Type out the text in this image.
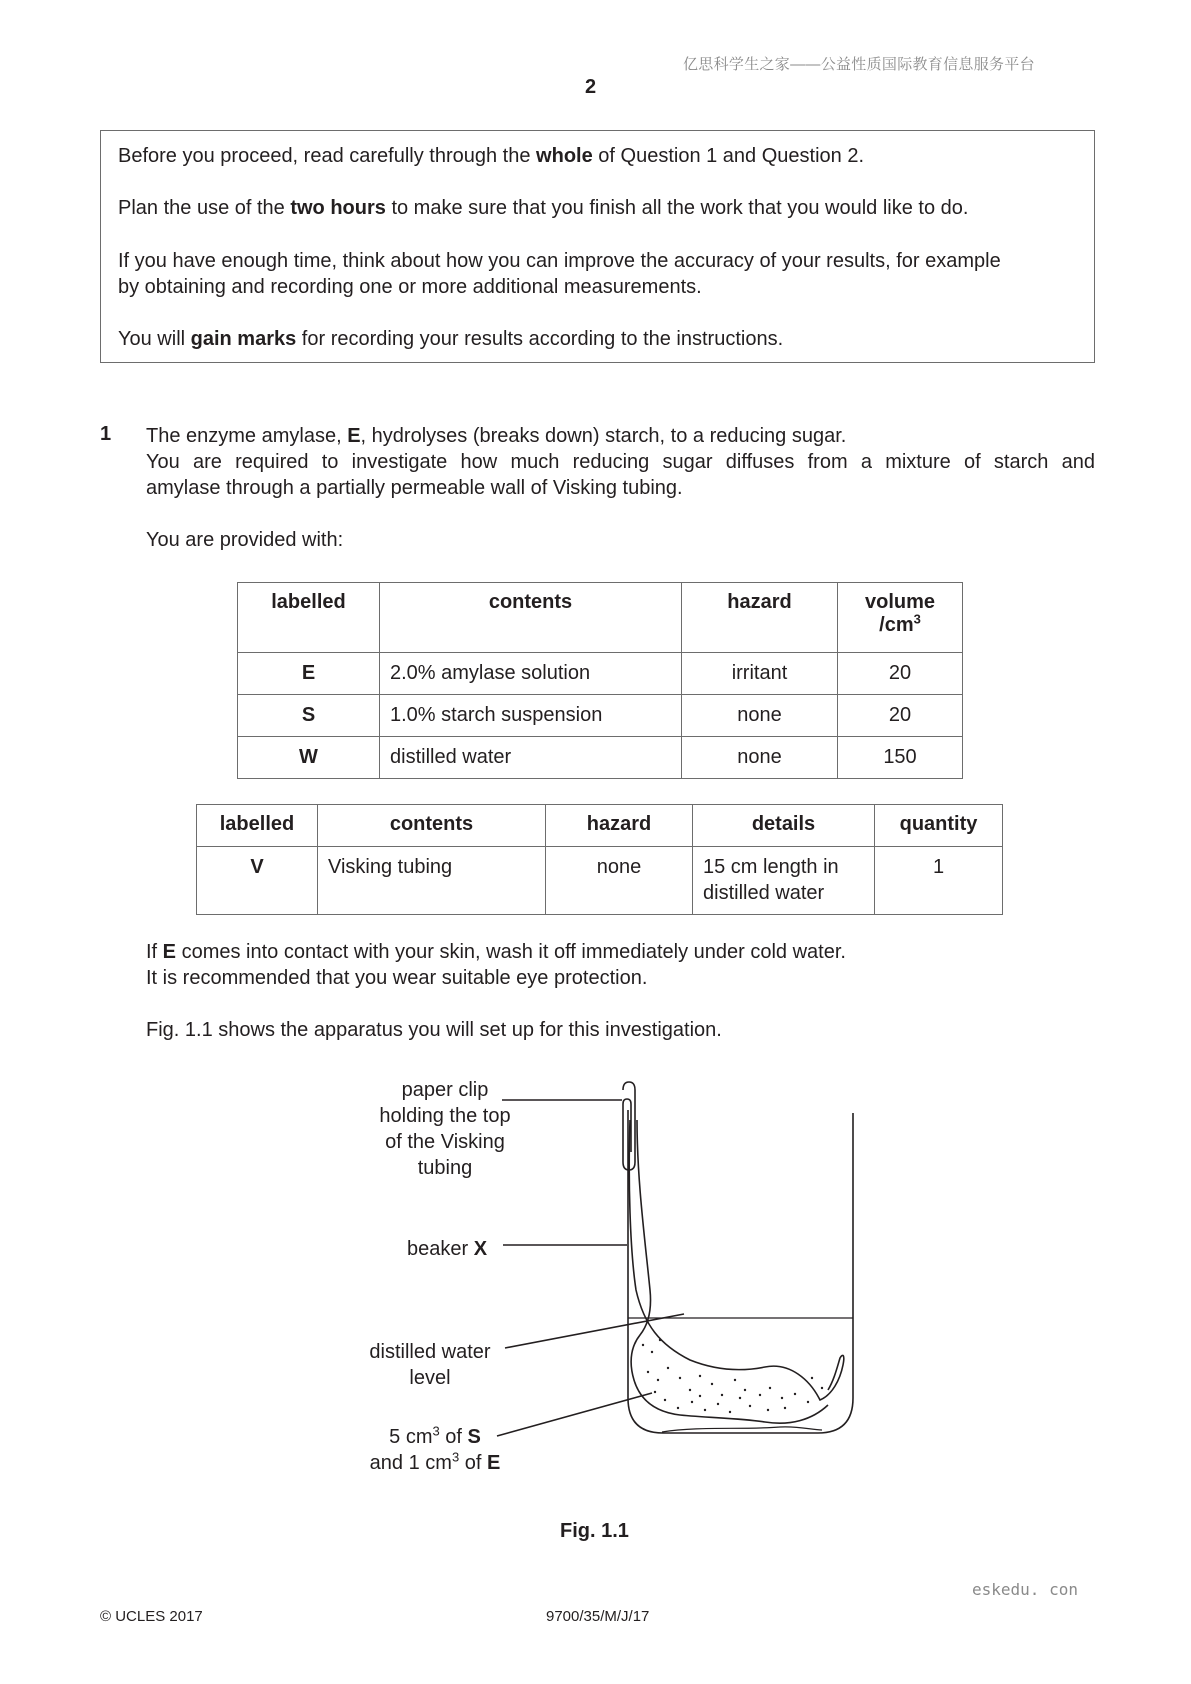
亿思科学生之家——公益性质国际教育信息服务平台
2
Before you proceed, read carefully through the whole of Question 1 and Question 2.
Plan the use of the two hours to make sure that you finish all the work that you would like to do.
If you have enough time, think about how you can improve the accuracy of your results, for example
by obtaining and recording one or more additional measurements.
You will gain marks for recording your results according to the instructions.
1 The enzyme amylase, E, hydrolyses (breaks down) starch, to a reducing sugar.
You are required to investigate how much reducing sugar diffuses from a mixture of starch and
amylase through a partially permeable wall of Visking tubing.
You are provided with:
labelled	contents	hazard	volume
$/cm^3$
E	2.0% amylase solution	irritant	20
S	1.0% starch suspension	none	20
W	distilled water	none	150
labelled	contents	hazard	details	quantity
V	Visking tubing	none	15 cm length in
distilled water	1
If E comes into contact with your skin, wash it off immediately under cold water.
It is recommended that you wear suitable eye protection.
Fig. 1.1 shows the apparatus you will set up for this investigation.
paper clip
holding the top
of the Visking
tubing
beaker X
distilled water
level
5 $cm^3$ of S
and 1 $cm^3$ of E
Fig. 1.1
eskedu. con
© UCLES 2017	9700/35/M/J/17
